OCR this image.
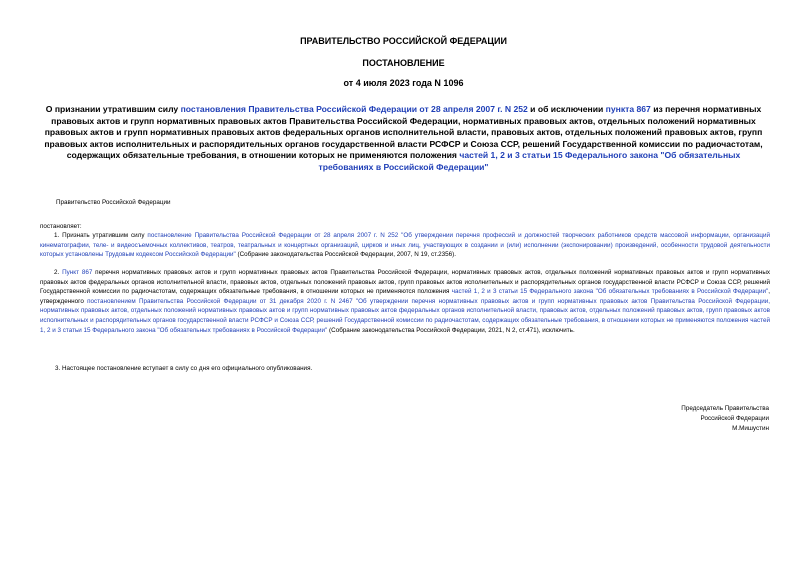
ПРАВИТЕЛЬСТВО РОССИЙСКОЙ ФЕДЕРАЦИИ
ПОСТАНОВЛЕНИЕ
от 4 июля 2023 года N 1096
О признании утратившим силу постановления Правительства Российской Федерации от 28 апреля 2007 г. N 252 и об исключении пункта 867 из перечня нормативных правовых актов и групп нормативных правовых актов Правительства Российской Федерации, нормативных правовых актов, отдельных положений нормативных правовых актов и групп нормативных правовых актов федеральных органов исполнительной власти, правовых актов, отдельных положений правовых актов, групп правовых актов исполнительных и распорядительных органов государственной власти РСФСР и Союза ССР, решений Государственной комиссии по радиочастотам, содержащих обязательные требования, в отношении которых не применяются положения частей 1, 2 и 3 статьи 15 Федерального закона "Об обязательных требованиях в Российской Федерации"
Правительство Российской Федерации
постановляет:
1. Признать утратившим силу постановление Правительства Российской Федерации от 28 апреля 2007 г. N 252 "Об утверждении перечня профессий и должностей творческих работников средств массовой информации, организаций кинематографии, теле- и видеосъемочных коллективов, театров, театральных и концертных организаций, цирков и иных лиц, участвующих в создании и (или) исполнении (экспонировании) произведений, особенности трудовой деятельности которых установлены Трудовым кодексом Российской Федерации" (Собрание законодательства Российской Федерации, 2007, N 19, ст.2356).
2. Пункт 867 перечня нормативных правовых актов и групп нормативных правовых актов Правительства Российской Федерации, нормативных правовых актов, отдельных положений нормативных правовых актов и групп нормативных правовых актов федеральных органов исполнительной власти, правовых актов, отдельных положений правовых актов, групп правовых актов исполнительных и распорядительных органов государственной власти РСФСР и Союза ССР, решений Государственной комиссии по радиочастотам, содержащих обязательные требования, в отношении которых не применяются положения частей 1, 2 и 3 статьи 15 Федерального закона "Об обязательных требованиях в Российской Федерации", утвержденного постановлением Правительства Российской Федерации от 31 декабря 2020 г. N 2467 "Об утверждении перечня нормативных правовых актов и групп нормативных правовых актов Правительства Российской Федерации, нормативных правовых актов, отдельных положений нормативных правовых актов и групп нормативных правовых актов федеральных органов исполнительной власти, правовых актов, отдельных положений правовых актов, групп правовых актов исполнительных и распорядительных органов государственной власти РСФСР и Союза ССР, решений Государственной комиссии по радиочастотам, содержащих обязательные требования, в отношении которых не применяются положения частей 1, 2 и 3 статьи 15 Федерального закона "Об обязательных требованиях в Российской Федерации" (Собрание законодательства Российской Федерации, 2021, N 2, ст.471), исключить.
3. Настоящее постановление вступает в силу со дня его официального опубликования.
Председатель Правительства
Российской Федерации
М.Мишустин
